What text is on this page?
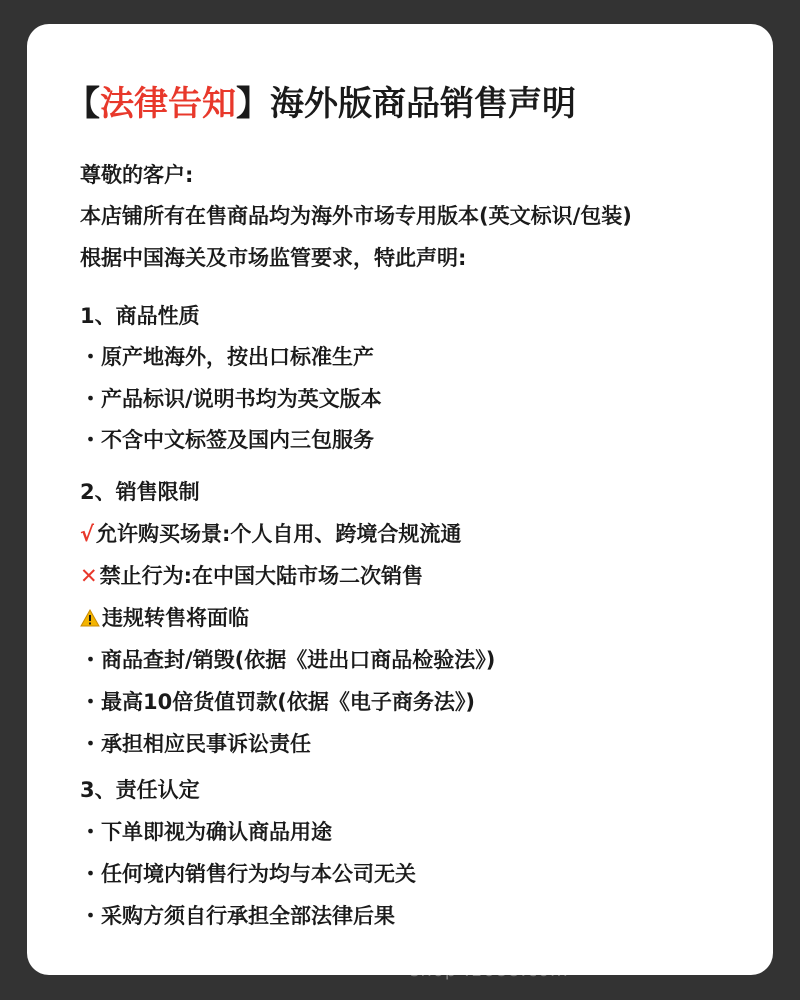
【法律告知】海外版商品销售声明
尊敬的客户:
本店铺所有在售商品均为海外市场专用版本(英文标识/包装)
根据中国海关及市场监管要求，特此声明:
1、商品性质
・原产地海外，按出口标准生产
・产品标识/说明书均为英文版本
・不含中文标签及国内三包服务
2、销售限制
√允许购买场景:个人自用、跨境合规流通
✕禁止行为:在中国大陆市场二次销售
违规转售将面临
・商品查封/销毁(依据《进出口商品检验法》)
・最高10倍货值罚款(依据《电子商务法》)
・承担相应民事诉讼责任
3、责任认定
・下单即视为确认商品用途
・任何境内销售行为均与本公司无关
・采购方须自行承担全部法律后果
shop .1688.com
